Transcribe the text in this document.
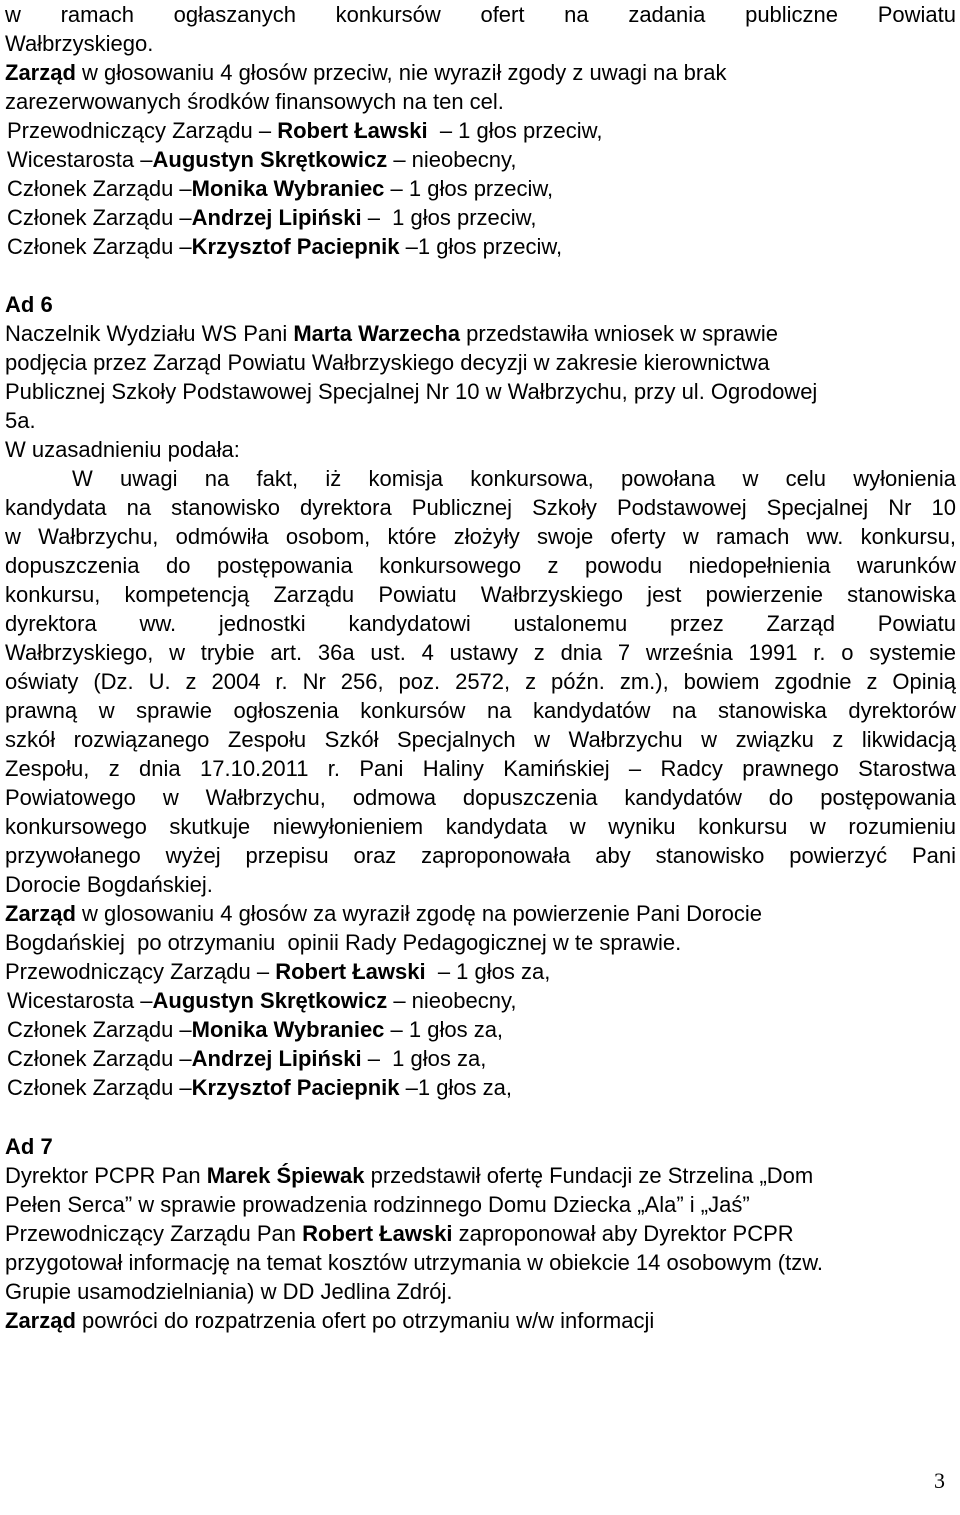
w ramach ogłaszanych konkursów ofert na zadania publiczne Powiatu
Wałbrzyskiego.
Zarząd w głosowaniu 4 głosów przeciw, nie wyraził zgody z uwagi na brak
zarezerwowanych środków finansowych na ten cel.
Przewodniczący Zarządu – Robert Ławski  – 1 głos przeciw,
Wicestarosta –Augustyn Skrętkowicz – nieobecny,
Członek Zarządu –Monika Wybraniec – 1 głos przeciw,
Członek Zarządu –Andrzej Lipiński –  1 głos przeciw,
Członek Zarządu –Krzysztof Paciepnik –1 głos przeciw,
Ad 6
Naczelnik Wydziału WS Pani Marta Warzecha przedstawiła wniosek w sprawie
podjęcia przez Zarząd Powiatu Wałbrzyskiego decyzji w zakresie kierownictwa
Publicznej Szkoły Podstawowej Specjalnej Nr 10 w Wałbrzychu, przy ul. Ogrodowej
5a.
W uzasadnieniu podała:
W uwagi na fakt, iż komisja konkursowa, powołana w celu wyłonienia
kandydata na stanowisko dyrektora Publicznej Szkoły Podstawowej Specjalnej Nr 10
w Wałbrzychu, odmówiła osobom, które złożyły swoje oferty w ramach ww. konkursu,
dopuszczenia do postępowania konkursowego z powodu niedopełnienia warunków
konkursu, kompetencją Zarządu Powiatu Wałbrzyskiego jest powierzenie stanowiska
dyrektora ww. jednostki kandydatowi ustalonemu przez Zarząd Powiatu
Wałbrzyskiego, w trybie art. 36a ust. 4 ustawy z dnia 7 września 1991 r. o systemie
oświaty (Dz. U. z 2004 r. Nr 256, poz. 2572, z późn. zm.), bowiem zgodnie z Opinią
prawną w sprawie ogłoszenia konkursów na kandydatów na stanowiska dyrektorów
szkół rozwiązanego Zespołu Szkół Specjalnych w Wałbrzychu w związku z likwidacją
Zespołu, z dnia 17.10.2011 r. Pani Haliny Kamińskiej – Radcy prawnego Starostwa
Powiatowego w Wałbrzychu, odmowa dopuszczenia kandydatów do postępowania
konkursowego skutkuje niewyłonieniem kandydata w wyniku konkursu w rozumieniu
przywołanego wyżej przepisu oraz zaproponowała aby stanowisko powierzyć Pani
Dorocie Bogdańskiej.
Zarząd w glosowaniu 4 głosów za wyraził zgodę na powierzenie Pani Dorocie
Bogdańskiej  po otrzymaniu  opinii Rady Pedagogicznej w te sprawie.
Przewodniczący Zarządu – Robert Ławski  – 1 głos za,
Wicestarosta –Augustyn Skrętkowicz – nieobecny,
Członek Zarządu –Monika Wybraniec – 1 głos za,
Członek Zarządu –Andrzej Lipiński –  1 głos za,
Członek Zarządu –Krzysztof Paciepnik –1 głos za,
Ad 7
Dyrektor PCPR Pan Marek Śpiewak przedstawił ofertę Fundacji ze Strzelina „Dom
Pełen Serca” w sprawie prowadzenia rodzinnego Domu Dziecka „Ala” i „Jaś”
Przewodniczący Zarządu Pan Robert Ławski zaproponował aby Dyrektor PCPR
przygotował informację na temat kosztów utrzymania w obiekcie 14 osobowym (tzw.
Grupie usamodzielniania) w DD Jedlina Zdrój.
Zarząd powróci do rozpatrzenia ofert po otrzymaniu w/w informacji
3
